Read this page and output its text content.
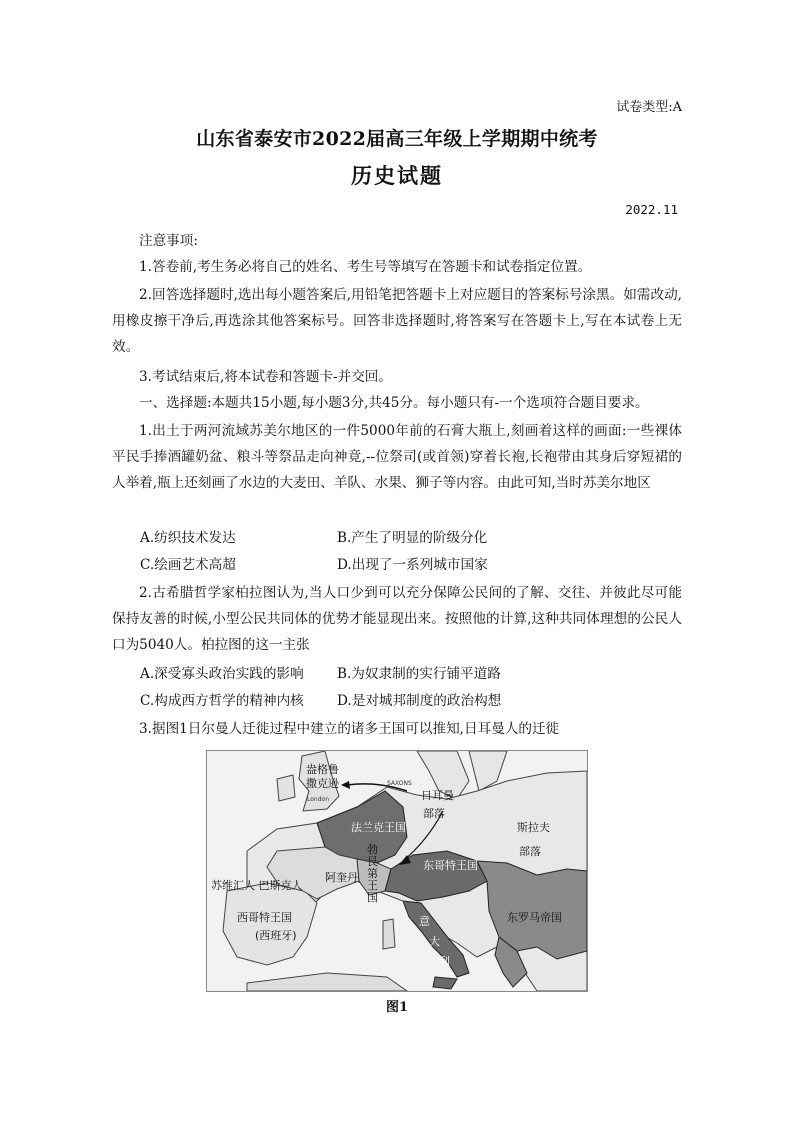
试卷类型:A
山东省泰安市2022届高三年级上学期期中统考
历史试题
2022.11
注意事项:
1.答卷前,考生务必将自己的姓名、考生号等填写在答题卡和试卷指定位置。
2.回答选择题时,选出每小题答案后,用铅笔把答题卡上对应题目的答案标号涂黑。如需改动,用橡皮擦干净后,再选涂其他答案标号。回答非选择题时,将答案写在答题卡上,写在本试卷上无效。
3.考试结束后,将本试卷和答题卡-并交回。
一、选择题:本题共15小题,每小题3分,共45分。每小题只有-一个选项符合题目要求。
1.出土于两河流域苏美尔地区的一件5000年前的石膏大瓶上,刻画着这样的画面:一些裸体平民手捧酒罐奶盆、粮斗等祭品走向神竟,--位祭司(或首领)穿着长袍,长袍带由其身后穿短裙的人举着,瓶上还刻画了水边的大麦田、羊队、水果、狮子等内容。由此可知,当时苏美尔地区
A.纺织技术发达	B.产生了明显的阶级分化
C.绘画艺术高超	D.出现了一系列城市国家
2.古希腊哲学家柏拉图认为,当人口少到可以充分保障公民间的了解、交往、并彼此尽可能保持友善的时候,小型公民共同体的优势才能显现出来。按照他的计算,这种共同体理想的公民人口为5040人。柏拉图的这一主张
A.深受寡头政治实践的影响 B.为奴隶制的实行铺平道路
C.构成西方哲学的精神内核 D.是对城邦制度的政治构想
3.据图1日尔曼人迁徙过程中建立的诸多王国可以推知,日耳曼人的迁徙
盎格鲁
撒克逊
London
SAXONS
日耳曼
部落
法兰克王国	斯拉夫
部落
勃
艮
第
王
国
东哥特王国
阿奎丹
苏维汇人 巴斯克人
西哥特王国
(西班牙)
东罗马帝国
意
大
利
图1
